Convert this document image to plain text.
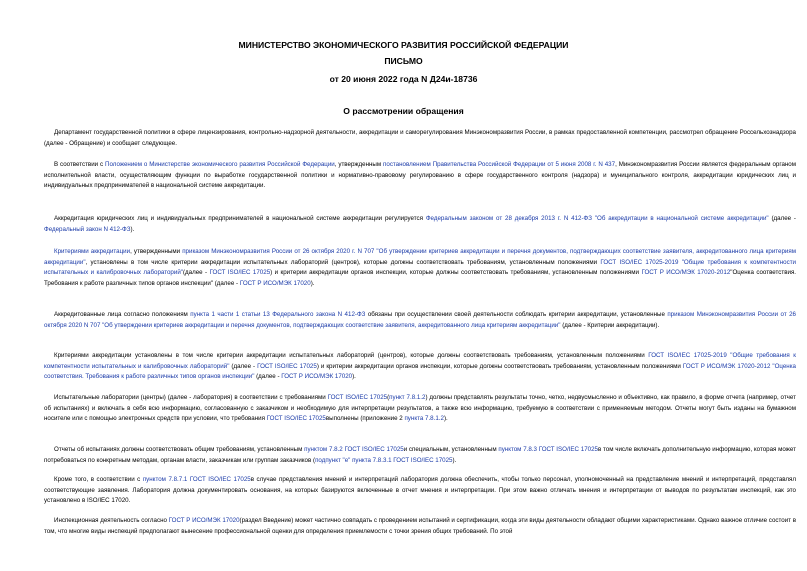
МИНИСТЕРСТВО ЭКОНОМИЧЕСКОГО РАЗВИТИЯ РОССИЙСКОЙ ФЕДЕРАЦИИ
ПИСЬМО
от 20 июня 2022 года N Д24и-18736
О рассмотрении обращения
Департамент государственной политики в сфере лицензирования, контрольно-надзорной деятельности, аккредитации и саморегулирования Минэкономразвития России, в рамках предоставленной компетенции, рассмотрел обращение Россельхознадзора (далее - Обращение) и сообщает следующее.
В соответствии с Положением о Министерстве экономического развития Российской Федерации, утвержденным постановлением Правительства Российской Федерации от 5 июня 2008 г. N 437, Минэкономразвития России является федеральным органом исполнительной власти, осуществляющим функции по выработке государственной политики и нормативно-правовому регулированию в сфере государственного контроля (надзора) и муниципального контроля, аккредитации юридических лиц и индивидуальных предпринимателей в национальной системе аккредитации.
Аккредитация юридических лиц и индивидуальных предпринимателей в национальной системе аккредитации регулируется Федеральным законом от 28 декабря 2013 г. N 412-ФЗ "Об аккредитации в национальной системе аккредитации" (далее - Федеральный закон N 412-ФЗ).
Критериями аккредитации, утвержденными приказом Минэкономразвития России от 26 октября 2020 г. N 707 "Об утверждении критериев аккредитации и перечня документов, подтверждающих соответствие заявителя, аккредитованного лица критериям аккредитации", установлены в том числе критерии аккредитации испытательных лабораторий (центров), которые должны соответствовать требованиям, установленным положениями ГОСТ ISO/IEC 17025-2019 "Общие требования к компетентности испытательных и калибровочных лабораторий"(далее - ГОСТ ISO/IEC 17025) и критерии аккредитации органов инспекции, которые должны соответствовать требованиям, установленным положениями ГОСТ Р ИСО/МЭК 17020-2012"Оценка соответствия. Требования к работе различных типов органов инспекции" (далее - ГОСТ Р ИСО/МЭК 17020).
Аккредитованные лица согласно положениям пункта 1 части 1 статьи 13 Федерального закона N 412-ФЗ обязаны при осуществлении своей деятельности соблюдать критерии аккредитации, установленные приказом Минэкономразвития России от 26 октября 2020 N 707 "Об утверждении критериев аккредитации и перечня документов, подтверждающих соответствие заявителя, аккредитованного лица критериям аккредитации" (далее - Критерии аккредитации).
Критериями аккредитации установлены в том числе критерии аккредитации испытательных лабораторий (центров), которые должны соответствовать требованиям, установленным положениями ГОСТ ISO/IEC 17025-2019 "Общие требования к компетентности испытательных и калибровочных лабораторий" (далее - ГОСТ ISO/IEC 17025) и критерии аккредитации органов инспекции, которые должны соответствовать требованиям, установленным положениями ГОСТ Р ИСО/МЭК 17020-2012 "Оценка соответствия. Требования к работе различных типов органов инспекции" (далее - ГОСТ Р ИСО/МЭК 17020).
Испытательные лаборатории (центры) (далее - лаборатория) в соответствии с требованиями ГОСТ ISO/IEC 17025(пункт 7.8.1.2) должны представлять результаты точно, четко, недвусмысленно и объективно, как правило, в форме отчета (например, отчет об испытаниях) и включать в себя всю информацию, согласованную с заказчиком и необходимую для интерпретации результатов, а также всю информацию, требуемую в соответствии с применяемым методом. Отчеты могут быть изданы на бумажном носителе или с помощью электронных средств при условии, что требования ГОСТ ISO/IEC 17025выполнены (приложение 2 пункта 7.8.1.2).
Отчеты об испытаниях должны соответствовать общим требованиям, установленным пунктом 7.8.2 ГОСТ ISO/IEC 17025и специальным, установленным пунктом 7.8.3 ГОСТ ISO/IEC 17025в том числе включать дополнительную информацию, которая может потребоваться по конкретным методам, органам власти, заказчикам или группам заказчиков (подпункт "e" пункта 7.8.3.1 ГОСТ ISO/IEC 17025).
Кроме того, в соответствии с пунктом 7.8.7.1 ГОСТ ISO/IEC 17025в случае представления мнений и интерпретаций лаборатория должна обеспечить, чтобы только персонал, уполномоченный на представление мнений и интерпретаций, представлял соответствующие заявления. Лаборатория должна документировать основания, на которых базируются включенные в отчет мнения и интерпретации. При этом важно отличать мнения и интерпретации от выводов по результатам инспекций, как это установлено в ISO/IEC 17020.
Инспекционная деятельность согласно ГОСТ Р ИСО/МЭК 17020(раздел Введение) может частично совпадать с проведением испытаний и сертификации, когда эти виды деятельности обладают общими характеристиками. Однако важное отличие состоит в том, что многие виды инспекций предполагают вынесение профессиональной оценки для определения приемлемости с точки зрения общих требований. По этой
